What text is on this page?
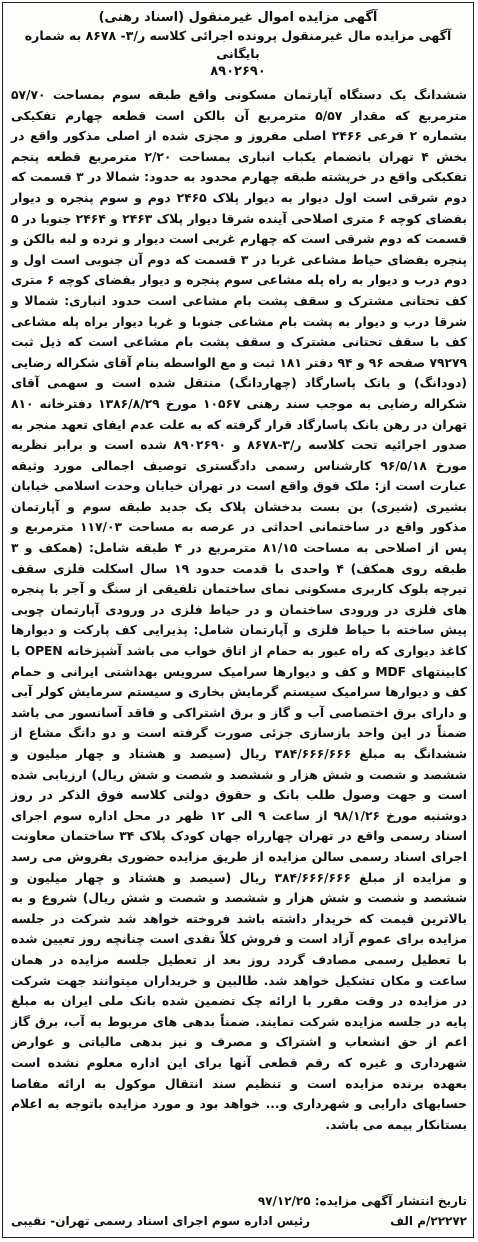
آگهی مزایده اموال غیرمنقول (اسناد رهنی)
آگهی مزایده مال غیرمنقول پرونده اجرائی کلاسه ر/۳- ۸۶۷۸ به شماره بایگانی
۸۹۰۲۶۹۰
ششدانگ یک دستگاه آپارتمان مسکونی واقع طبقه سوم بمساحت ۵۷/۷۰ مترمربع که مقدار ۵/۵۷ مترمربع آن بالکن است قطعه چهارم تفکیکی بشماره ۲ فرعی ۲۴۶۶ اصلی مفروز و مجزی شده از اصلی مذکور واقع در بخش ۴ تهران بانضمام یکباب انباری بمساحت ۲/۲۰ مترمربع قطعه پنجم تفکیکی واقع در خرپشته طبقه چهارم محدود به حدود: شمالا در ۳ قسمت که دوم شرقی است اول دیوار به دیوار پلاک ۲۴۶۵ دوم و سوم پنجره و دیوار بفضای کوچه ۶ متری اصلاحی آینده شرقا دیوار پلاک ۲۴۶۳ و ۲۴۶۴ جنوبا در ۵ قسمت که دوم شرقی است که چهارم غربی است دیوار و نرده و لبه بالکن و پنجره بفضای حیاط مشاعی غربا در ۳ قسمت که دوم آن جنوبی است اول و دوم درب و دیوار به راه پله مشاعی سوم پنجره و دیوار بفضای کوچه ۶ متری کف تحتانی مشترک و سقف پشت بام مشاعی است حدود انباری: شمالا و شرقا درب و دیوار به پشت بام مشاعی جنوبا و غربا دیوار براه پله مشاعی کف با سقف تحتانی مشترک و سقف پشت بام مشاعی است که ذیل ثبت ۷۹۲۷۹ صفحه ۹۶ و ۹۴ دفتر ۱۸۱ ثبت و مع الواسطه بنام آقای شکراله رضایی (دودانگ) و بانک پاسارگاد (چهاردانگ) منتقل شده است و سهمی آقای شکراله رضایی به موجب سند رهنی ۱۰۵۶۷ مورخ ۱۳۸۶/۸/۲۹ دفترخانه ۸۱۰ تهران در رهن بانک پاسارگاد قرار گرفته که به علت عدم ایفای تعهد منجر به صدور اجرائیه تحت کلاسه ر/۳-۸۶۷۸ و ۸۹۰۲۶۹۰ شده است و برابر نظریه مورخ ۹۶/۵/۱۸ کارشناس رسمی دادگستری توصیف اجمالی مورد وثیقه عبارت است از: ملک فوق واقع است در تهران خیابان وحدت اسلامی خیابان بشیری (شیری) بن بست بدخشان پلاک یک جدید طبقه سوم و آپارتمان مذکور واقع در ساختمانی احداثی در عرصه به مساحت ۱۱۷/۰۳ مترمربع و پس از اصلاحی به مساحت ۸۱/۱۵ مترمربع در ۴ طبقه شامل: (همکف و ۳ طبقه روی همکف) ۴ واحدی با قدمت حدود ۱۹ سال اسکلت فلزی سقف تیرچه بلوک کاربری مسکونی نمای ساختمان تلفیقی از سنگ و آجر با پنجره های فلزی در ورودی ساختمان و در حیاط فلزی در ورودی آپارتمان چوبی پیش ساخته با حیاط فلزی و آپارتمان شامل: پذیرایی کف پارکت و دیوارها کاغذ دیواری که راه عبور به حمام از اتاق خواب می باشد آشپزخانه OPEN با کابینتهای MDF و کف و دیوارها سرامیک سرویس بهداشتی ایرانی و حمام کف و دیوارها سرامیک سیستم گرمایش بخاری و سیستم سرمایش کولر آبی و دارای برق اختصاصی آب و گاز و برق اشتراکی و فاقد آسانسور می باشد ضمناً در این واحد بازسازی جزئی صورت گرفته است و دو دانگ مشاع از ششدانگ به مبلغ ۳۸۴/۶۶۶/۶۶۶ ریال (سیصد و هشتاد و چهار میلیون و ششصد و شصت و شش هزار و ششصد و شصت و شش ریال) ارزیابی شده است و جهت وصول طلب بانک و حقوق دولتی کلاسه فوق الذکر در روز دوشنبه مورخ ۹۸/۱/۲۶ از ساعت ۹ الی ۱۲ ظهر در محل اداره سوم اجرای اسناد رسمی واقع در تهران چهارراه جهان کودک پلاک ۳۴ ساختمان معاونت اجرای اسناد رسمی سالن مزایده از طریق مزایده حضوری بفروش می رسد و مزایده از مبلغ ۳۸۴/۶۶۶/۶۶۶ ریال (سیصد و هشتاد و چهار میلیون و ششصد و شصت و شش هزار و ششصد و شصت و شش ریال) شروع و به بالاترین قیمت که خریدار داشته باشد فروخته خواهد شد شرکت در جلسه مزایده برای عموم آزاد است و فروش کلاً نقدی است چنانچه روز تعیین شده با تعطیل رسمی مصادف گردد روز بعد از تعطیل جلسه مزایده در همان ساعت و مکان تشکیل خواهد شد. طالبین و خریداران میتوانند جهت شرکت در مزایده در وقت مقرر با ارائه چک تضمین شده بانک ملی ایران به مبلغ پایه در جلسه مزایده شرکت نمایند. ضمناً بدهی های مربوط به آب، برق گاز اعم از حق انشعاب و اشتراک و مصرف و نیز بدهی مالیاتی و عوارض شهرداری و غیره که رقم قطعی آنها برای این اداره معلوم نشده است بعهده برنده مزایده است و تنظیم سند انتقال موکول به ارائه مفاصا حسابهای دارایی و شهرداری و... خواهد بود و مورد مزایده باتوجه به اعلام بستانکار بیمه می باشد.
تاریخ انتشار آگهی مزایده: ۹۷/۱۲/۲۵
۲۲۲۷۲/م الف
رئیس اداره سوم اجرای اسناد رسمی تهران- نقیبی
